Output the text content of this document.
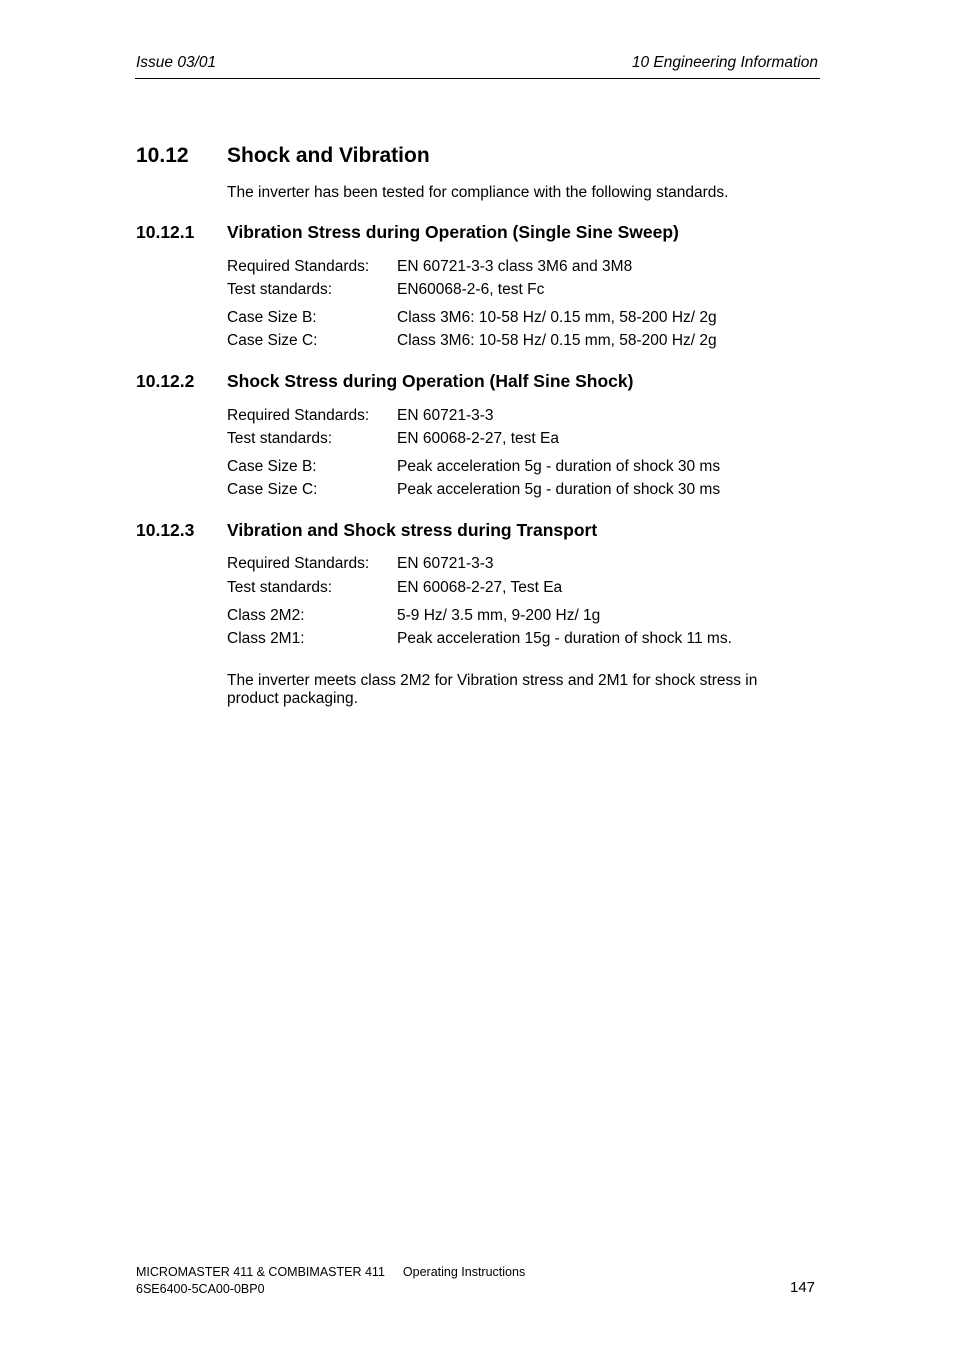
Issue 03/01	10 Engineering Information
10.12 Shock and Vibration
The inverter has been tested for compliance with the following standards.
10.12.1 Vibration Stress during Operation (Single Sine Sweep)
Required Standards: EN 60721-3-3 class 3M6 and 3M8
Test standards:	EN60068-2-6, test Fc
Case Size B:	Class 3M6: 10-58 Hz/ 0.15 mm, 58-200 Hz/ 2g
Case Size C:	Class 3M6: 10-58 Hz/ 0.15 mm, 58-200 Hz/ 2g
10.12.2 Shock Stress during Operation (Half Sine Shock)
Required Standards: EN 60721-3-3
Test standards:	EN 60068-2-27, test Ea
Case Size B:	Peak acceleration 5g - duration of shock 30 ms
Case Size C:	Peak acceleration 5g - duration of shock 30 ms
10.12.3 Vibration and Shock stress during Transport
Required Standards: EN 60721-3-3
Test standards:	EN 60068-2-27, Test Ea
Class 2M2:	5-9 Hz/ 3.5 mm, 9-200 Hz/ 1g
Class 2M1:	Peak acceleration 15g - duration of shock 11 ms.
The inverter meets class 2M2 for Vibration stress and 2M1 for shock stress in product packaging.
MICROMASTER 411 & COMBIMASTER 411 Operating Instructions
6SE6400-5CA00-0BP0	147
